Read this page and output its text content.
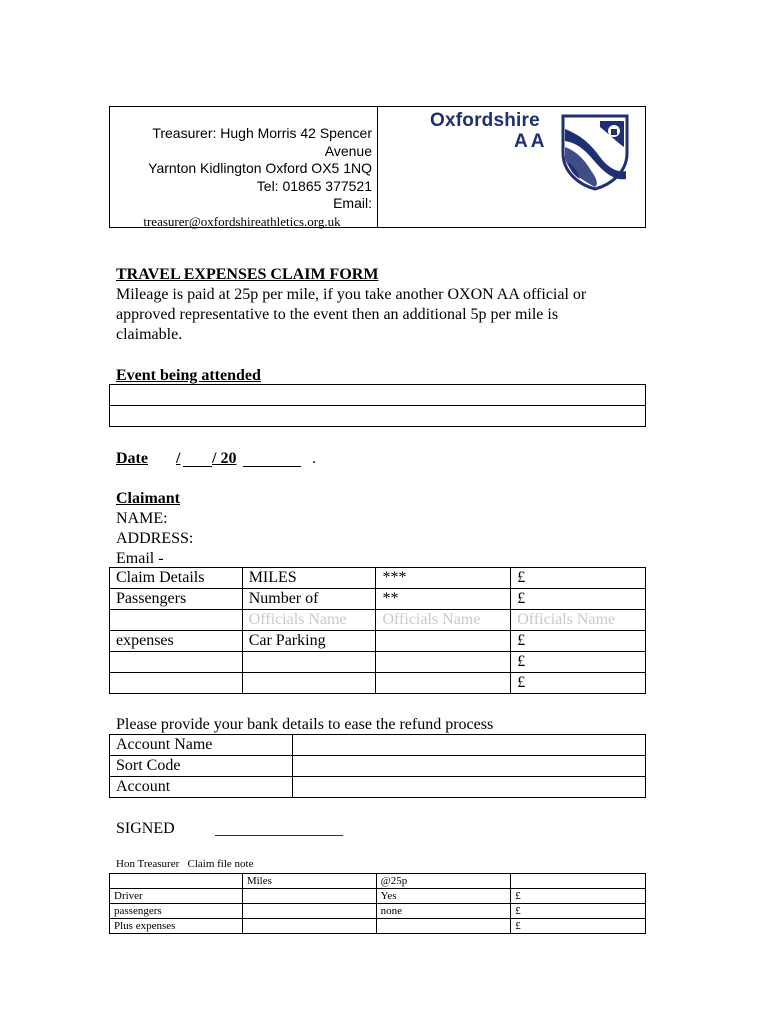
Treasurer: Hugh Morris 42 Spencer
Avenue
Yarnton Kidlington Oxford OX5 1NQ
Tel: 01865 377521
Email:
treasurer@oxfordshireathletics.org.uk
Oxfordshire
AA
TRAVEL EXPENSES CLAIM FORM
Mileage is paid at 25p per mile, if you take another OXON AA official or
approved representative to the event then an additional 5p per mile is
claimable.
Event being attended

Date / / 20	.
Claimant
NAME:
ADDRESS:
Email -
Claim Details	MILES	***	£
Passengers	Number of	**	£
	Officials Name	Officials Name	Officials Name
expenses	Car Parking		£
			£
			£
Please provide your bank details to ease the refund process
Account Name	
Sort Code	
Account	
SIGNED	________________
Hon Treasurer   Claim file note
	Miles	@25p	
Driver		Yes	£
passengers		none	£
Plus expenses			£
